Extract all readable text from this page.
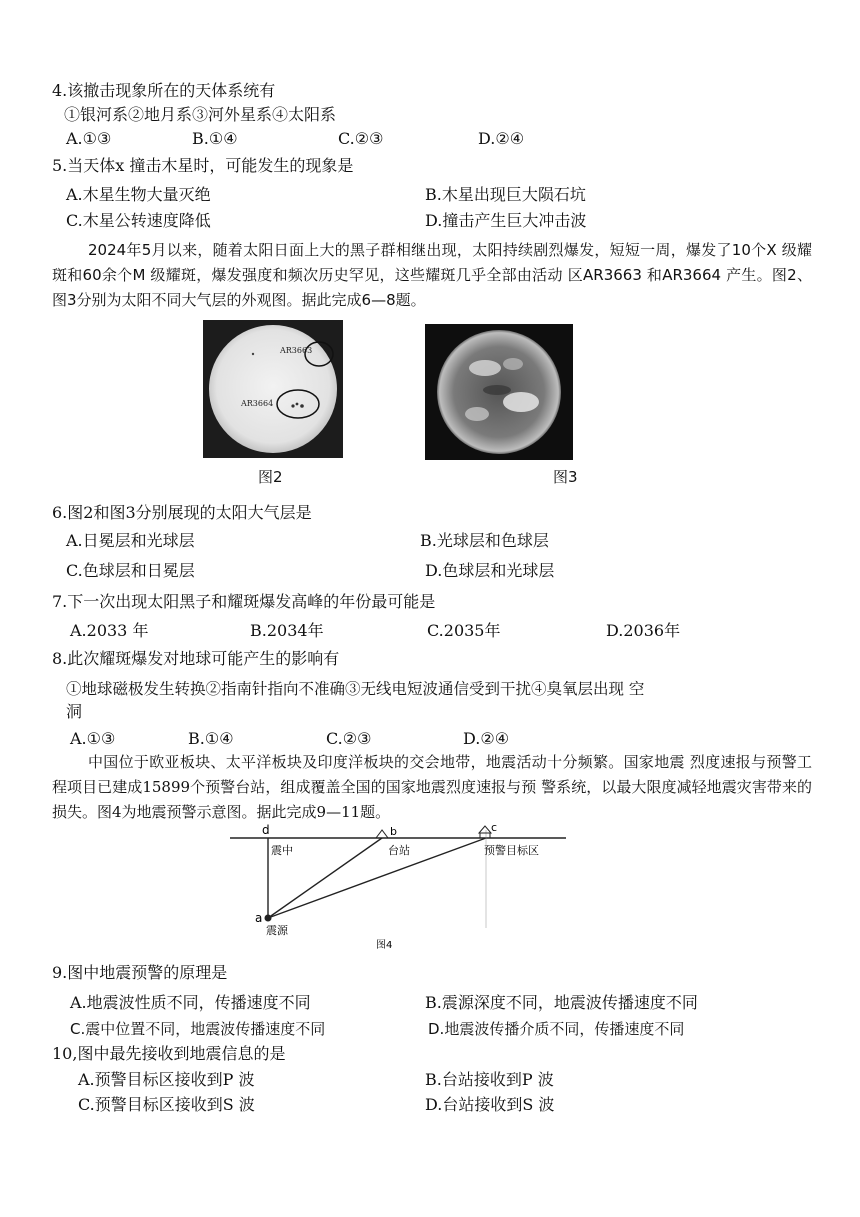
4.该撤击现象所在的天体系统有
①银河系②地月系③河外星系④太阳系
A.①③	B.①④	C.②③	D.②④
5.当天体x 撞击木星时，可能发生的现象是
A.木星生物大量灭绝	B.木星出现巨大陨石坑
C.木星公转速度降低	D.撞击产生巨大冲击波
2024年5月以来，随着太阳日面上大的黑子群相继出现，太阳持续剧烈爆发，短短一周，爆发了10个X 级耀斑和60余个M 级耀斑，爆发强度和频次历史罕见，这些耀斑几乎全部由活动 区AR3663 和AR3664 产生。图2、图3分别为太阳不同大气层的外观图。据此完成6—8题。
AR3663
AR3664
图2	图3
6.图2和图3分别展现的太阳大气层是
A.日冕层和光球层	B.光球层和色球层
C.色球层和日冕层	D.色球层和光球层
7.下一次出现太阳黑子和耀斑爆发高峰的年份最可能是
A.2033 年	B.2034年	C.2035年	D.2036年
8.此次耀斑爆发对地球可能产生的影响有
①地球磁极发生转换②指南针指向不准确③无线电短波通信受到干扰④臭氧层出现 空
洞
A.①③	B.①④	C.②③	D.②④
中国位于欧亚板块、太平洋板块及印度洋板块的交会地带，地震活动十分频繁。国家地震 烈度速报与预警工程项目已建成15899个预警台站，组成覆盖全国的国家地震烈度速报与预 警系统，以最大限度减轻地震灾害带来的损失。图4为地震预警示意图。据此完成9—11题。
d	b	c
a
震中	台站	预警目标区
震源
图4
9.图中地震预警的原理是
A.地震波性质不同，传播速度不同	B.震源深度不同，地震波传播速度不同
C.震中位置不同，地震波传播速度不同	D.地震波传播介质不同，传播速度不同
10,图中最先接收到地震信息的是
A.预警目标区接收到P 波	B.台站接收到P 波
C.预警目标区接收到S 波	D.台站接收到S 波
